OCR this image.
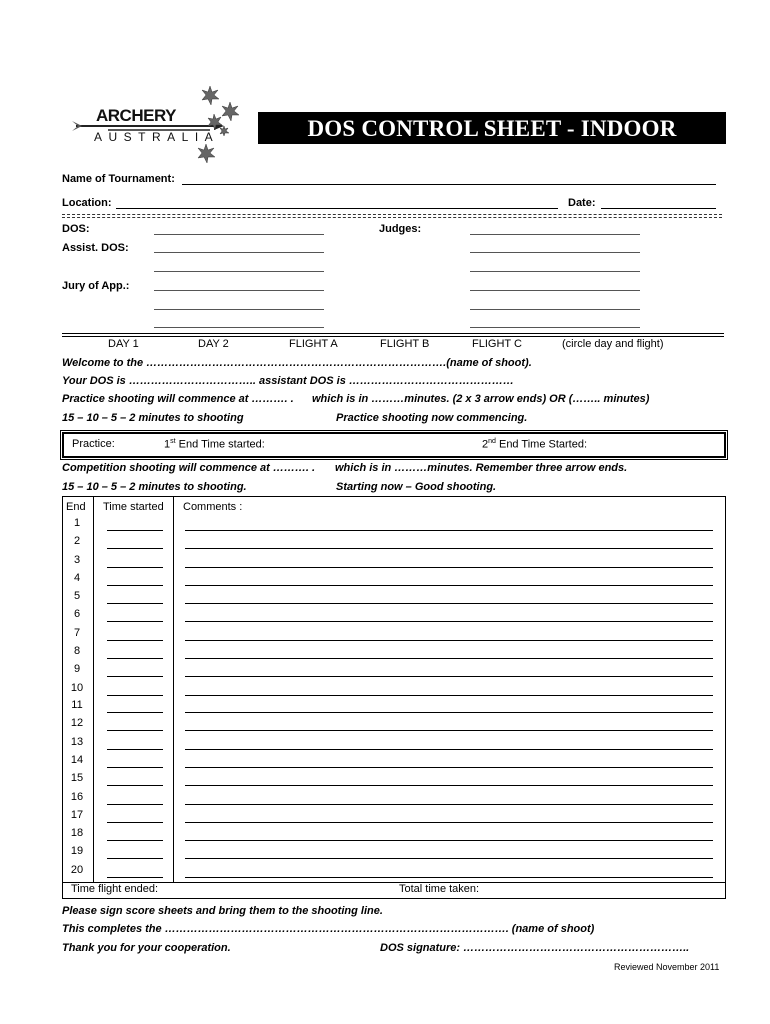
ARCHERY
AUSTRALIA	DOS CONTROL SHEET - INDOOR
Name of Tournament:
Location:	Date:
DOS:	Judges:
Assist. DOS:
Jury of App.:
DAY 1	DAY 2	FLIGHT A	FLIGHT B	FLIGHT C	(circle day and flight)
Welcome to the ……………………………………………………………………….(name of shoot).
Your DOS is …………………………….. assistant DOS is ………………………………………
Practice shooting will commence at ………. . which is in ………minutes. (2 x 3 arrow ends) OR (…….. minutes)
15 – 10 – 5 – 2 minutes to shooting	Practice shooting now commencing.
Practice:	1st End Time started:	2nd End Time Started:
Competition shooting will commence at ………. . which is in ………minutes. Remember three arrow ends.
15 – 10 – 5 – 2 minutes to shooting.	Starting now – Good shooting.
End Time started Comments :
1
2
3
4
5
6
7
8
9
10
11
12
13
14
15
16
17
18
19
20
Time flight ended:	Total time taken:
Please sign score sheets and bring them to the shooting line.
This completes the …………………………………………………………………………………. (name of shoot)
Thank you for your cooperation.	DOS signature: ……………………………………………………..
Reviewed November 2011
